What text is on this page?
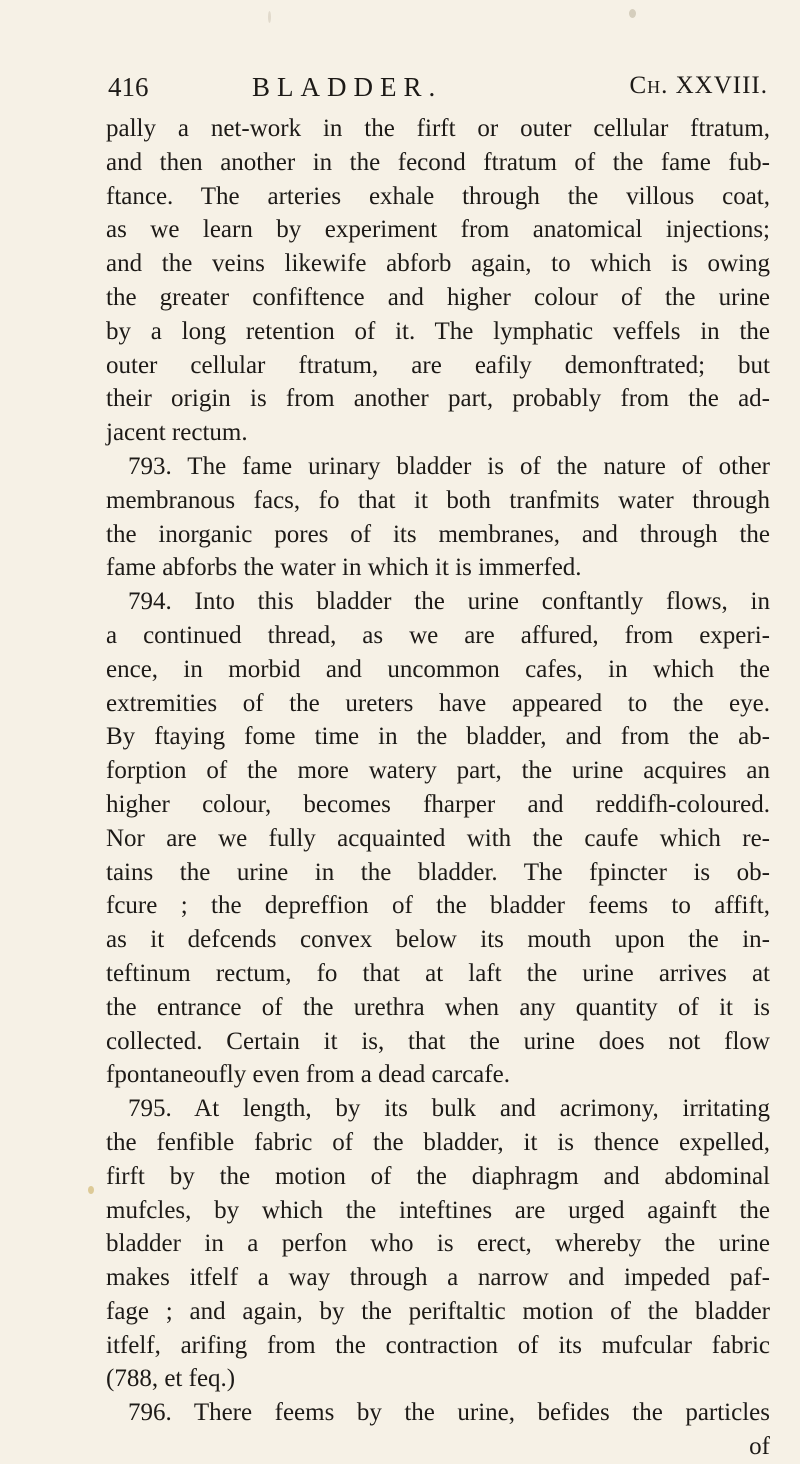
416	BLADDER.	Ch. XXVIII.
pally a net-work in the firft or outer cellular ftratum,
and then another in the fecond ftratum of the fame fub-
ftance. The arteries exhale through the villous coat,
as we learn by experiment from anatomical injections;
and the veins likewife abforb again, to which is owing
the greater confiftence and higher colour of the urine
by a long retention of it. The lymphatic veffels in the
outer cellular ftratum, are eafily demonftrated; but
their origin is from another part, probably from the ad-
jacent rectum.
793. The fame urinary bladder is of the nature of other
membranous facs, fo that it both tranfmits water through
the inorganic pores of its membranes, and through the
fame abforbs the water in which it is immerfed.
794. Into this bladder the urine conftantly flows, in
a continued thread, as we are affured, from experi-
ence, in morbid and uncommon cafes, in which the
extremities of the ureters have appeared to the eye.
By ftaying fome time in the bladder, and from the ab-
forption of the more watery part, the urine acquires an
higher colour, becomes fharper and reddifh-coloured.
Nor are we fully acquainted with the caufe which re-
tains the urine in the bladder. The fpincter is ob-
fcure ; the depreffion of the bladder feems to affift,
as it defcends convex below its mouth upon the in-
teftinum rectum, fo that at laft the urine arrives at
the entrance of the urethra when any quantity of it is
collected. Certain it is, that the urine does not flow
fpontaneoufly even from a dead carcafe.
795. At length, by its bulk and acrimony, irritating
the fenfible fabric of the bladder, it is thence expelled,
firft by the motion of the diaphragm and abdominal
mufcles, by which the inteftines are urged againft the
bladder in a perfon who is erect, whereby the urine
makes itfelf a way through a narrow and impeded paf-
fage ; and again, by the periftaltic motion of the bladder
itfelf, arifing from the contraction of its mufcular fabric
(788, et feq.)
796. There feems by the urine, befides the particles
of
